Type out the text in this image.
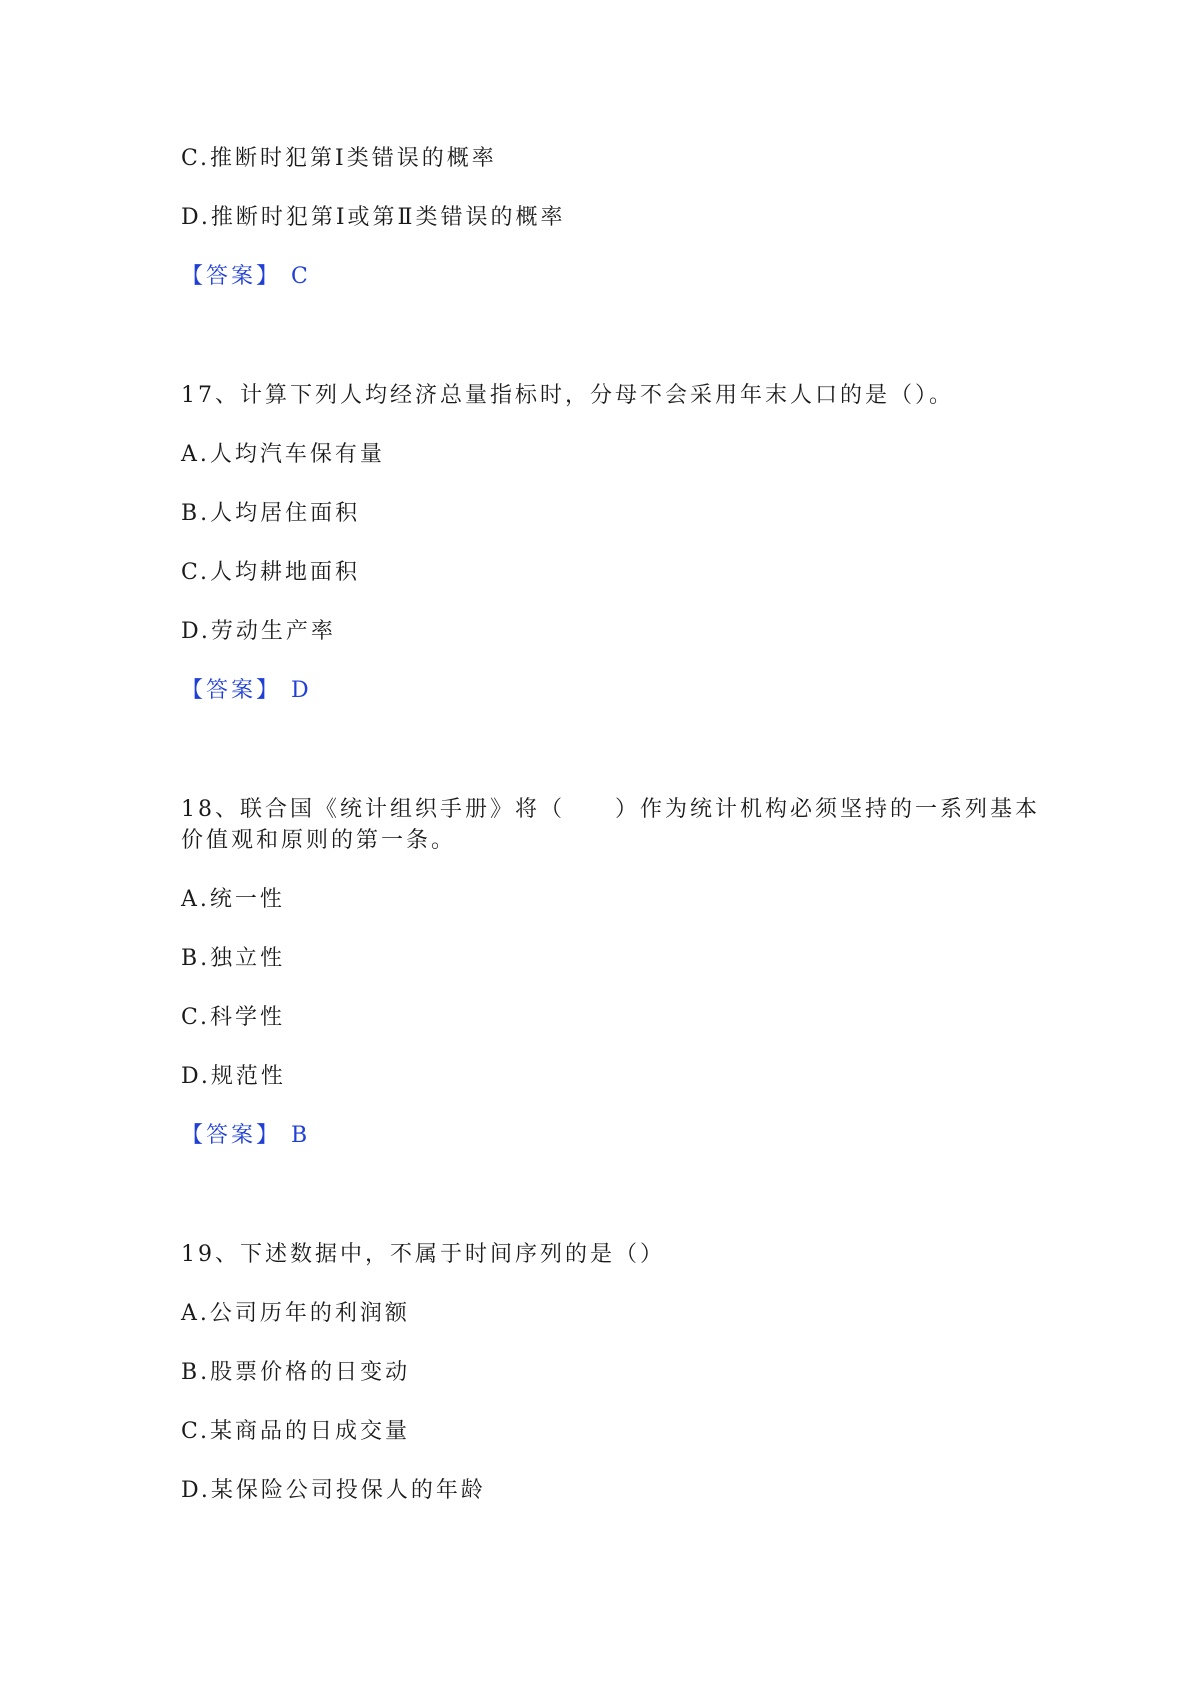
C.推断时犯第Ⅰ类错误的概率
D.推断时犯第Ⅰ或第Ⅱ类错误的概率
【答案】 C
17、计算下列人均经济总量指标时，分母不会采用年末人口的是（）。
A.人均汽车保有量
B.人均居住面积
C.人均耕地面积
D.劳动生产率
【答案】 D
18、联合国《统计组织手册》将（　　）作为统计机构必须坚持的一系列基本
价值观和原则的第一条。
A.统一性
B.独立性
C.科学性
D.规范性
【答案】 B
19、下述数据中，不属于时间序列的是（）
A.公司历年的利润额
B.股票价格的日变动
C.某商品的日成交量
D.某保险公司投保人的年龄
